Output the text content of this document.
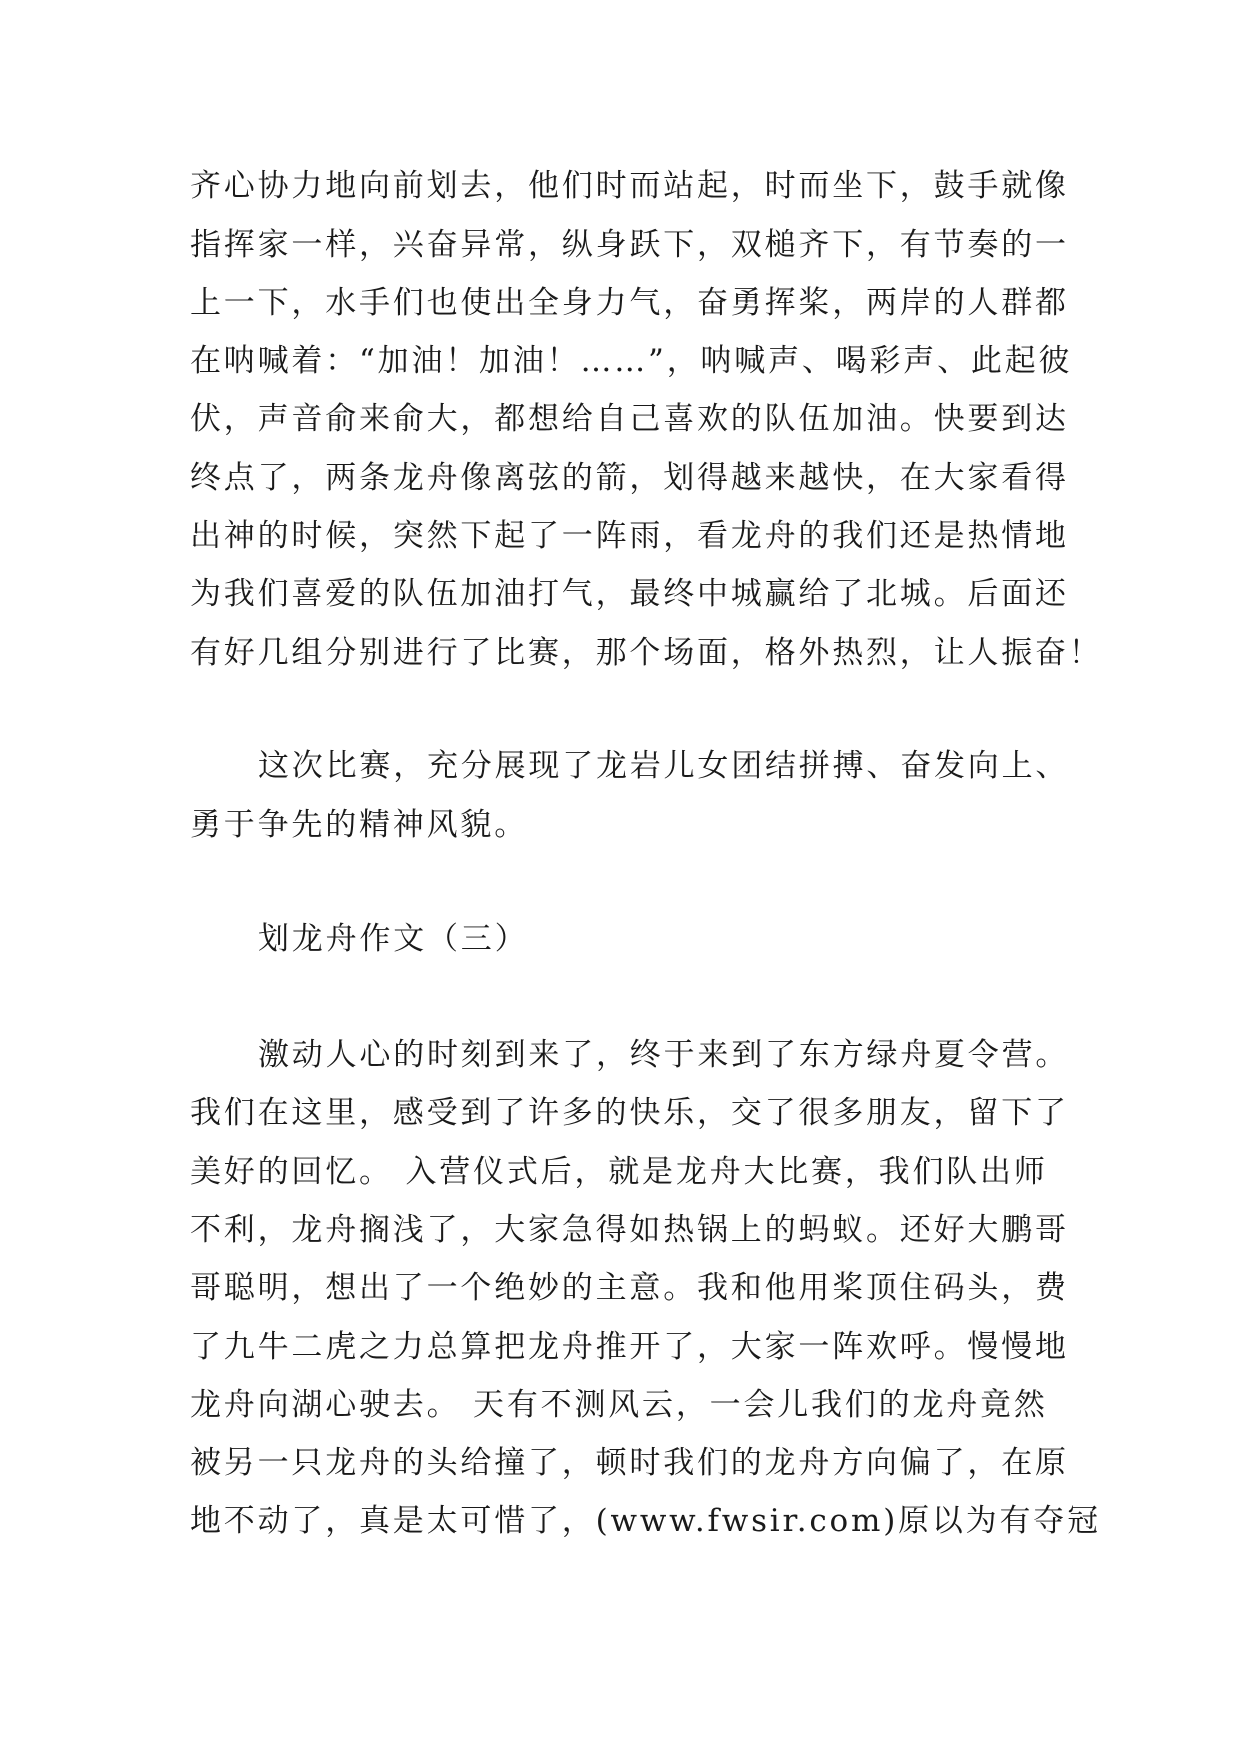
齐心协力地向前划去，他们时而站起，时而坐下，鼓手就像
指挥家一样，兴奋异常，纵身跃下，双槌齐下，有节奏的一
上一下，水手们也使出全身力气，奋勇挥桨，两岸的人群都
在呐喊着：“加油！加油！……”，呐喊声、喝彩声、此起彼
伏，声音俞来俞大，都想给自己喜欢的队伍加油。快要到达
终点了，两条龙舟像离弦的箭，划得越来越快，在大家看得
出神的时候，突然下起了一阵雨，看龙舟的我们还是热情地
为我们喜爱的队伍加油打气，最终中城赢给了北城。后面还
有好几组分别进行了比赛，那个场面，格外热烈，让人振奋！
这次比赛，充分展现了龙岩儿女团结拼搏、奋发向上、
勇于争先的精神风貌。
划龙舟作文（三）
激动人心的时刻到来了，终于来到了东方绿舟夏令营。
我们在这里，感受到了许多的快乐，交了很多朋友，留下了
美好的回忆。 入营仪式后，就是龙舟大比赛，我们队出师
不利，龙舟搁浅了，大家急得如热锅上的蚂蚁。还好大鹏哥
哥聪明，想出了一个绝妙的主意。我和他用桨顶住码头，费
了九牛二虎之力总算把龙舟推开了，大家一阵欢呼。慢慢地
龙舟向湖心驶去。 天有不测风云，一会儿我们的龙舟竟然
被另一只龙舟的头给撞了，顿时我们的龙舟方向偏了，在原
地不动了，真是太可惜了，(www.fwsir.com)原以为有夺冠
